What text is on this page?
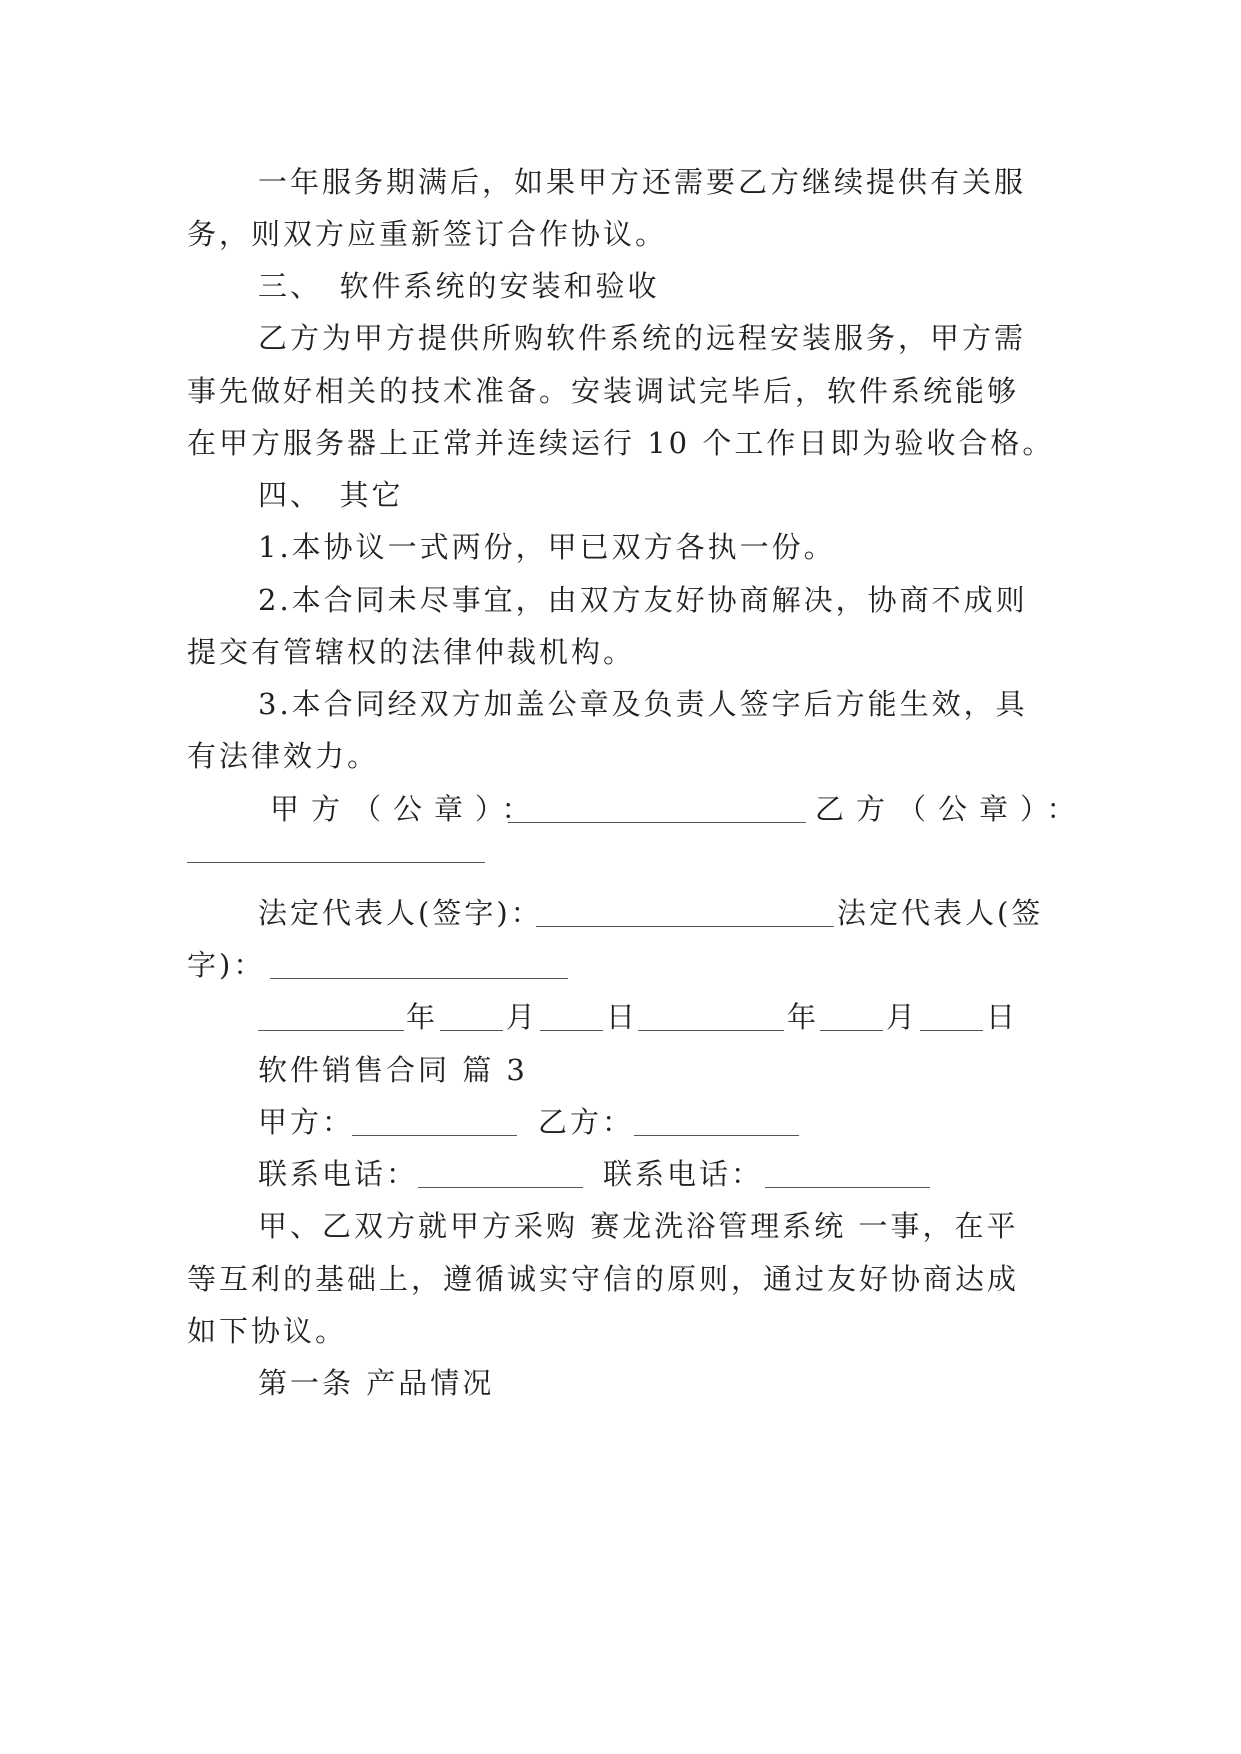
一年服务期满后，如果甲方还需要乙方继续提供有关服
务，则双方应重新签订合作协议。
三、　软件系统的安装和验收
乙方为甲方提供所购软件系统的远程安装服务，甲方需
事先做好相关的技术准备。安装调试完毕后，软件系统能够
在甲方服务器上正常并连续运行 10 个工作日即为验收合格。
四、　其它
1.本协议一式两份，甲已双方各执一份。
2.本合同未尽事宜，由双方友好协商解决，协商不成则
提交有管辖权的法律仲裁机构。
3.本合同经双方加盖公章及负责人签字后方能生效，具
有法律效力。
甲方（公章）：	乙方（公章）：
法定代表人(签字)：	法定代表人(签
字)：
年 月 日	年 月 日
软件销售合同 篇 3
甲方：	乙方：
联系电话：	联系电话：
甲、乙双方就甲方采购 赛龙洗浴管理系统 一事，在平
等互利的基础上，遵循诚实守信的原则，通过友好协商达成
如下协议。
第一条 产品情况
